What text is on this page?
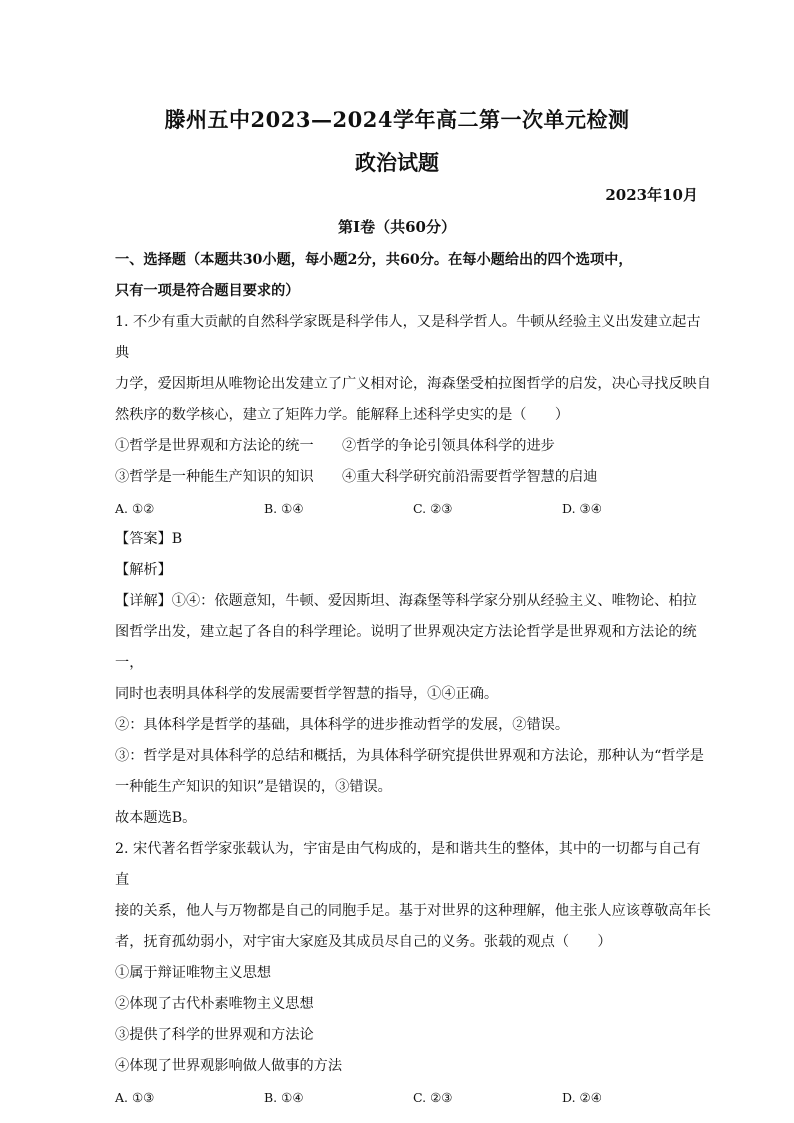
滕州五中2023—2024学年高二第一次单元检测
政治试题
2023年10月
第Ⅰ卷（共60分）

一、选择题（本题共30小题，每小题2分，共60分。在每小题给出的四个选项中，

只有一项是符合题目要求的）

1. 不少有重大贡献的自然科学家既是科学伟人，又是科学哲人。牛顿从经验主义出发建立起古典

力学，爱因斯坦从唯物论出发建立了广义相对论，海森堡受柏拉图哲学的启发，决心寻找反映自

然秩序的数学核心，建立了矩阵力学。能解释上述科学史实的是（　　）

①哲学是世界观和方法论的统一 ②哲学的争论引领具体科学的进步

③哲学是一种能生产知识的知识 ④重大科学研究前沿需要哲学智慧的启迪

A. ①②	B. ①④	C. ②③	D. ③④

【答案】B

【解析】

【详解】①④：依题意知，牛顿、爱因斯坦、海森堡等科学家分别从经验主义、唯物论、柏拉

图哲学出发，建立起了各自的科学理论。说明了世界观决定方法论哲学是世界观和方法论的统一，

同时也表明具体科学的发展需要哲学智慧的指导，①④正确。

②：具体科学是哲学的基础，具体科学的进步推动哲学的发展，②错误。

③：哲学是对具体科学的总结和概括，为具体科学研究提供世界观和方法论，那种认为“哲学是

一种能生产知识的知识”是错误的，③错误。

故本题选B。

2. 宋代著名哲学家张载认为，宇宙是由气构成的，是和谐共生的整体，其中的一切都与自己有直

接的关系，他人与万物都是自己的同胞手足。基于对世界的这种理解，他主张人应该尊敬高年长

者，抚育孤幼弱小，对宇宙大家庭及其成员尽自己的义务。张载的观点（　　）

①属于辩证唯物主义思想

②体现了古代朴素唯物主义思想

③提供了科学的世界观和方法论

④体现了世界观影响做人做事的方法

A. ①③	B. ①④	C. ②③	D. ②④
